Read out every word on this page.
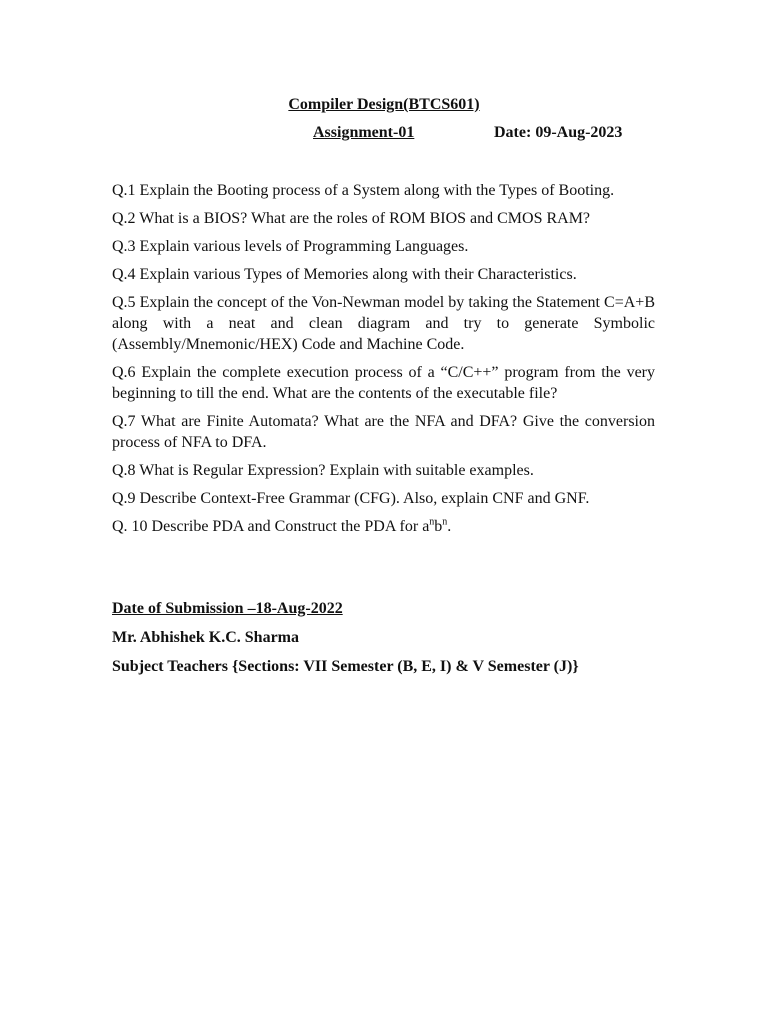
Compiler Design(BTCS601)
Assignment-01	Date: 09-Aug-2023

Q.1 Explain the Booting process of a System along with the Types of Booting.

Q.2 What is a BIOS? What are the roles of ROM BIOS and CMOS RAM?

Q.3 Explain various levels of Programming Languages.

Q.4 Explain various Types of Memories along with their Characteristics.

Q.5 Explain the concept of the Von-Newman model by taking the Statement C=A+B along with a neat and clean diagram and try to generate Symbolic (Assembly/Mnemonic/HEX) Code and Machine Code.

Q.6 Explain the complete execution process of a “C/C++” program from the very beginning to till the end. What are the contents of the executable file?

Q.7 What are Finite Automata? What are the NFA and DFA? Give the conversion process of NFA to DFA.

Q.8 What is Regular Expression? Explain with suitable examples.

Q.9 Describe Context-Free Grammar (CFG). Also, explain CNF and GNF.

Q. 10 Describe PDA and Construct the PDA for $a^nb^n$.

Date of Submission –18-Aug-2022
Mr. Abhishek K.C. Sharma
Subject Teachers {Sections: VII Semester (B, E, I) & V Semester (J)}
